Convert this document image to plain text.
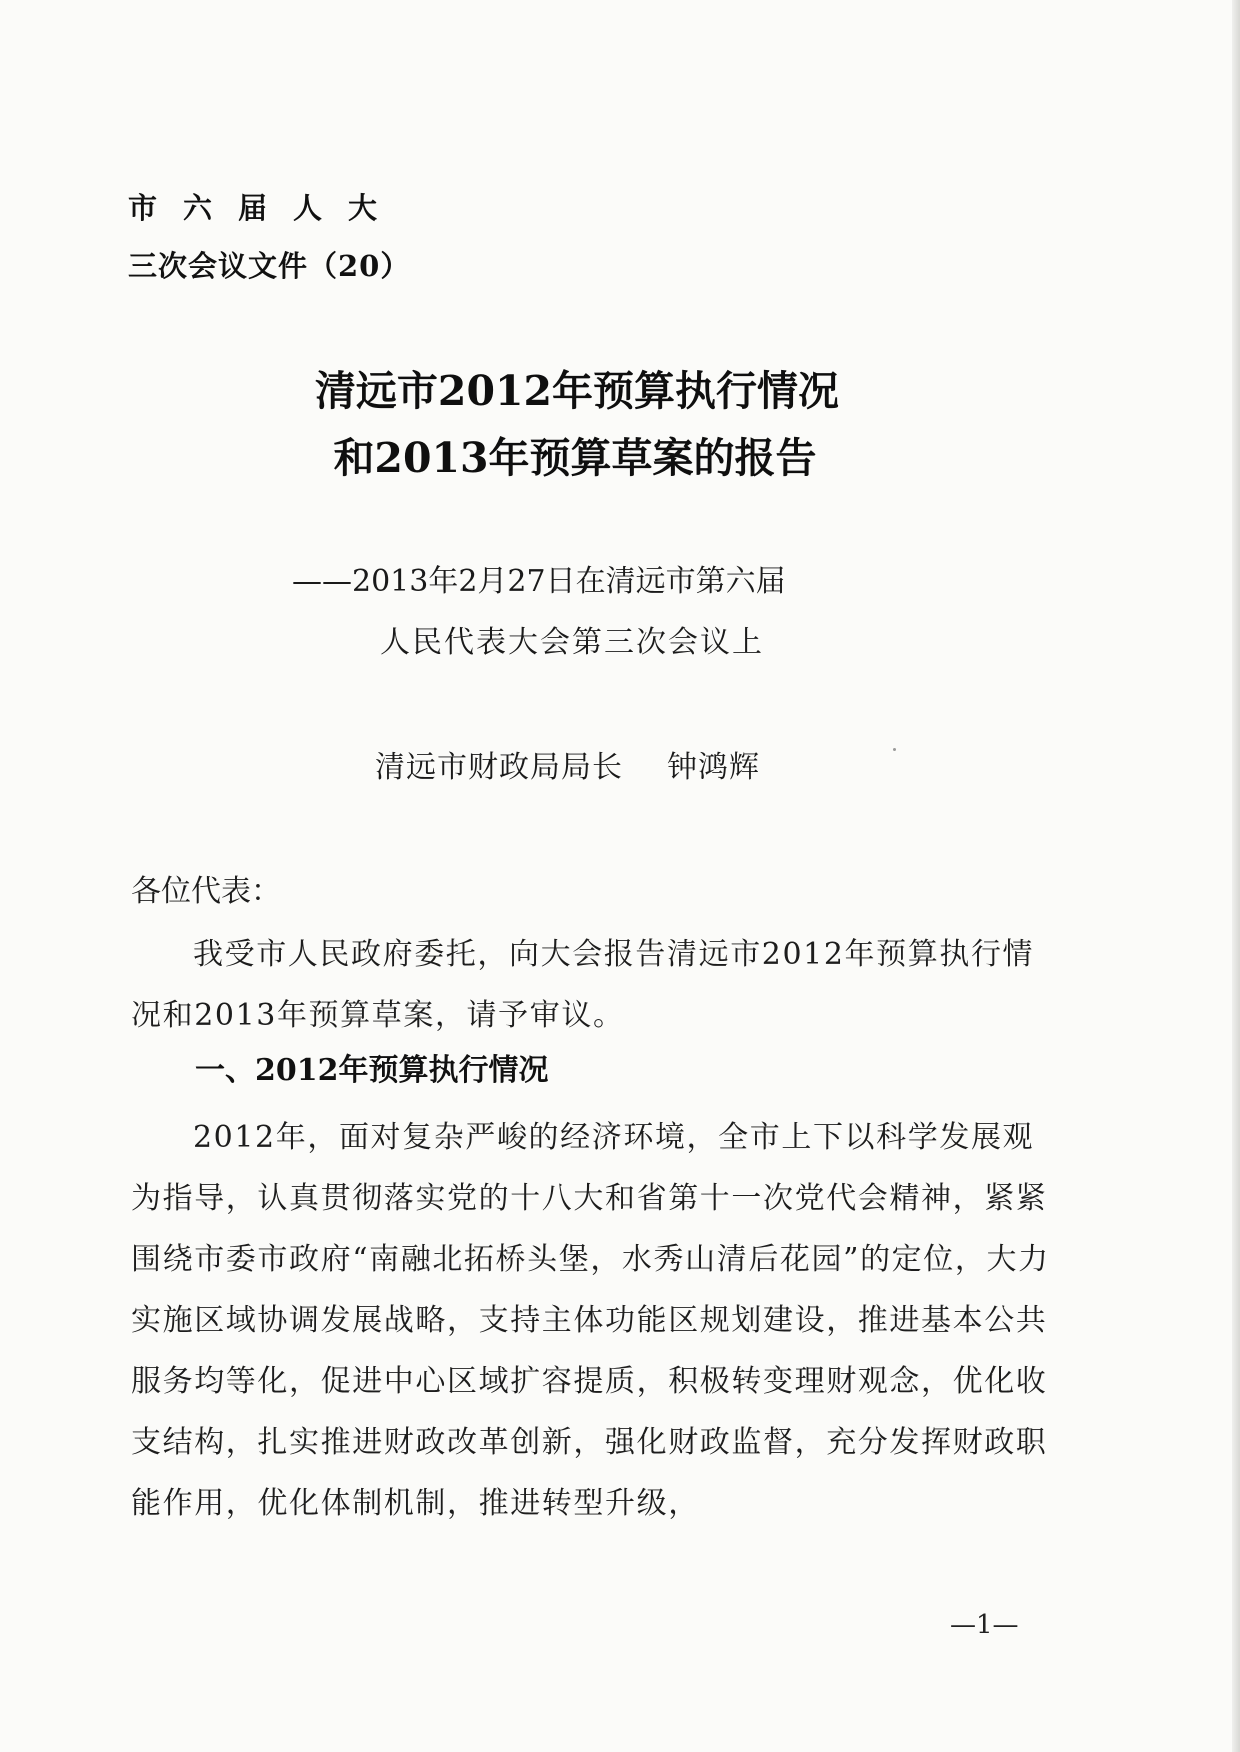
市六届人大
三次会议文件（20）
清远市2012年预算执行情况
和2013年预算草案的报告
——2013年2月27日在清远市第六届
人民代表大会第三次会议上
清远市财政局局长 钟鸿辉
各位代表：

我受市人民政府委托，向大会报告清远市2012年预算执行情况和2013年预算草案，请予审议。

一、2012年预算执行情况

2012年，面对复杂严峻的经济环境，全市上下以科学发展观为指导，认真贯彻落实党的十八大和省第十一次党代会精神，紧紧围绕市委市政府“南融北拓桥头堡，水秀山清后花园”的定位，大力实施区域协调发展战略，支持主体功能区规划建设，推进基本公共服务均等化，促进中心区域扩容提质，积极转变理财观念，优化收支结构，扎实推进财政改革创新，强化财政监督，充分发挥财政职能作用，优化体制机制，推进转型升级，

—1—
